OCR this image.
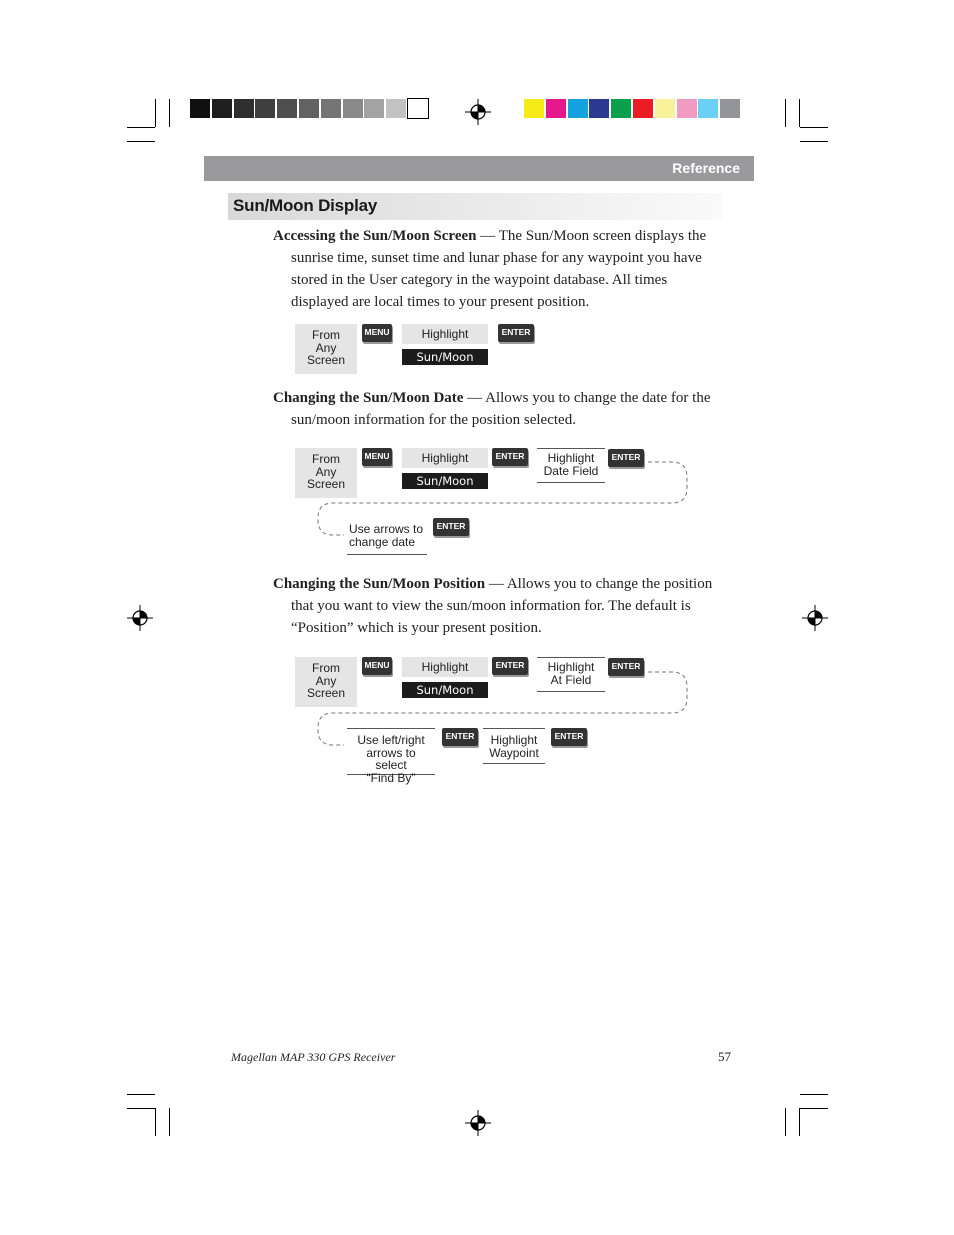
Reference
Sun/Moon Display
Accessing the Sun/Moon Screen — The Sun/Moon screen displays the
sunrise time, sunset time and lunar phase for any waypoint you have
stored in the User category in the waypoint database. All times
displayed are local times to your present position.
From
Any
Screen
MENU	Highlight
Sun/Moon
ENTER
Changing the Sun/Moon Date — Allows you to change the date for the
sun/moon information for the position selected.
From
Any
Screen
MENU	Highlight
Sun/Moon
ENTER	Highlight
Date Field
ENTER
Use arrows to
change date
ENTER
Changing the Sun/Moon Position — Allows you to change the position
that you want to view the sun/moon information for. The default is
“Position” which is your present position.
From
Any
Screen
MENU	Highlight
Sun/Moon
ENTER	Highlight
At Field
ENTER
Use left/right
arrows to select
“Find By”
ENTER	Highlight
Waypoint
ENTER
Magellan MAP 330 GPS Receiver	57
